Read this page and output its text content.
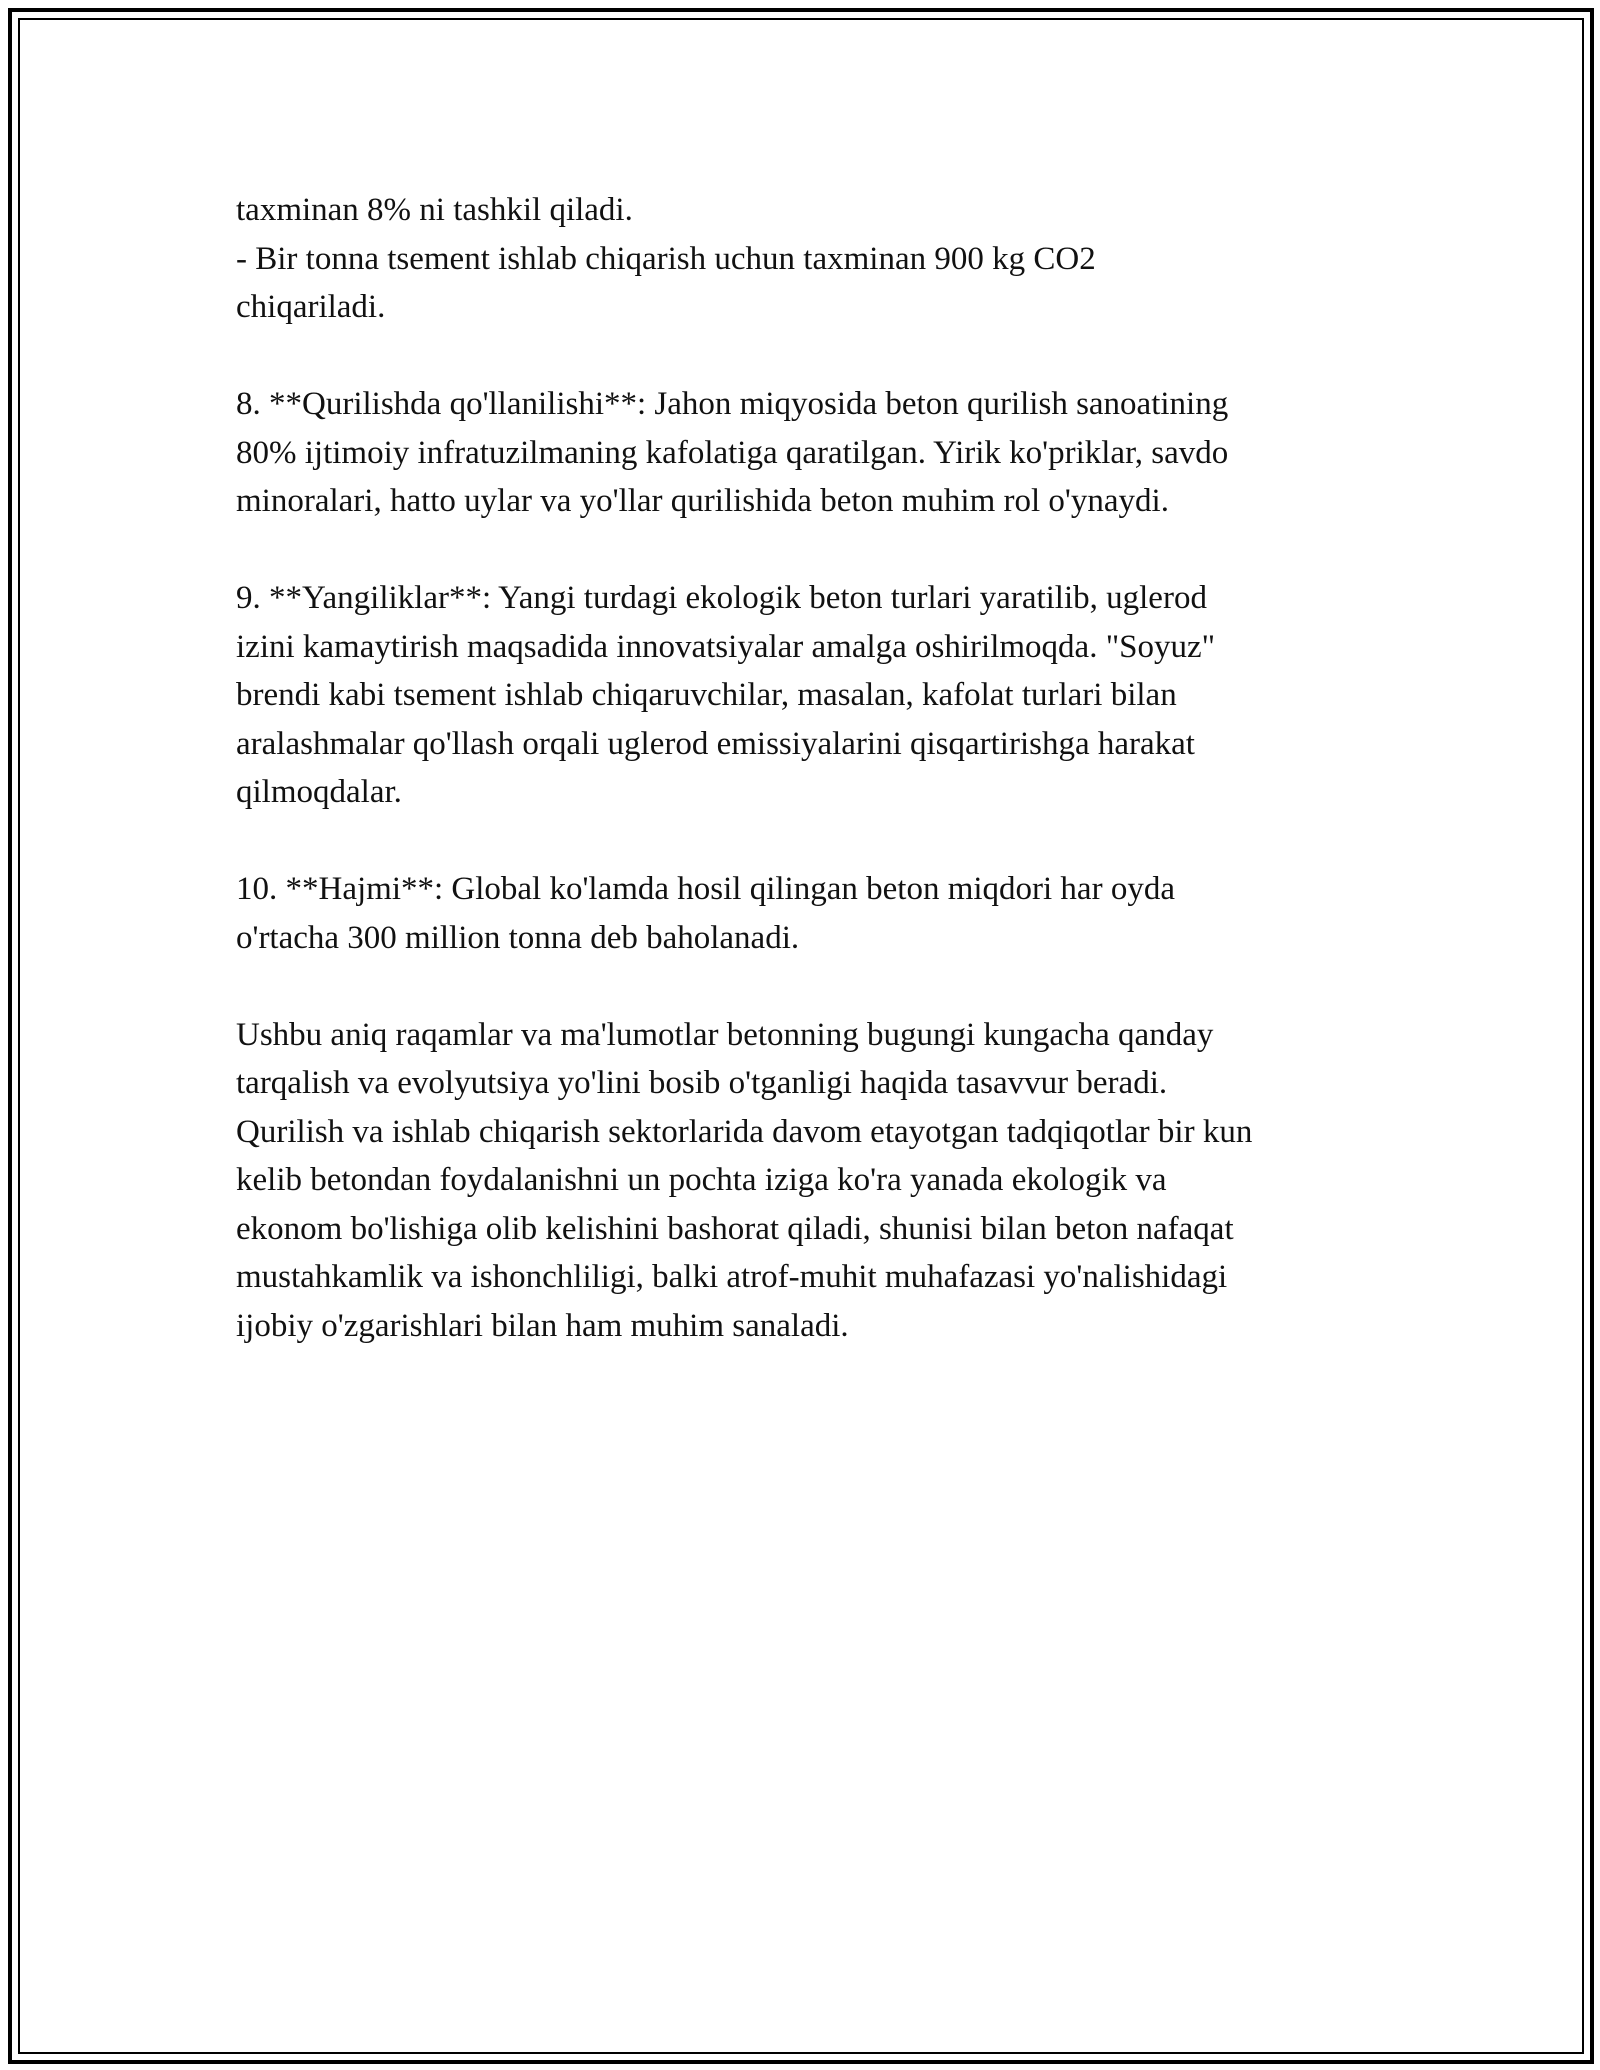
taxminan 8% ni tashkil qiladi.
- Bir tonna tsement ishlab chiqarish uchun taxminan 900 kg CO2
chiqariladi.

8. **Qurilishda qo'llanilishi**: Jahon miqyosida beton qurilish sanoatining
80% ijtimoiy infratuzilmaning kafolatiga qaratilgan. Yirik ko'priklar, savdo
minoralari, hatto uylar va yo'llar qurilishida beton muhim rol o'ynaydi.

9. **Yangiliklar**: Yangi turdagi ekologik beton turlari yaratilib, uglerod
izini kamaytirish maqsadida innovatsiyalar amalga oshirilmoqda. "Soyuz"
brendi kabi tsement ishlab chiqaruvchilar, masalan, kafolat turlari bilan
aralashmalar qo'llash orqali uglerod emissiyalarini qisqartirishga harakat
qilmoqdalar.

10. **Hajmi**: Global ko'lamda hosil qilingan beton miqdori har oyda
o'rtacha 300 million tonna deb baholanadi.

Ushbu aniq raqamlar va ma'lumotlar betonning bugungi kungacha qanday
tarqalish va evolyutsiya yo'lini bosib o'tganligi haqida tasavvur beradi.
Qurilish va ishlab chiqarish sektorlarida davom etayotgan tadqiqotlar bir kun
kelib betondan foydalanishni un pochta iziga ko'ra yanada ekologik va
ekonom bo'lishiga olib kelishini bashorat qiladi, shunisi bilan beton nafaqat
mustahkamlik va ishonchliligi, balki atrof-muhit muhafazasi yo'nalishidagi
ijobiy o'zgarishlari bilan ham muhim sanaladi.
